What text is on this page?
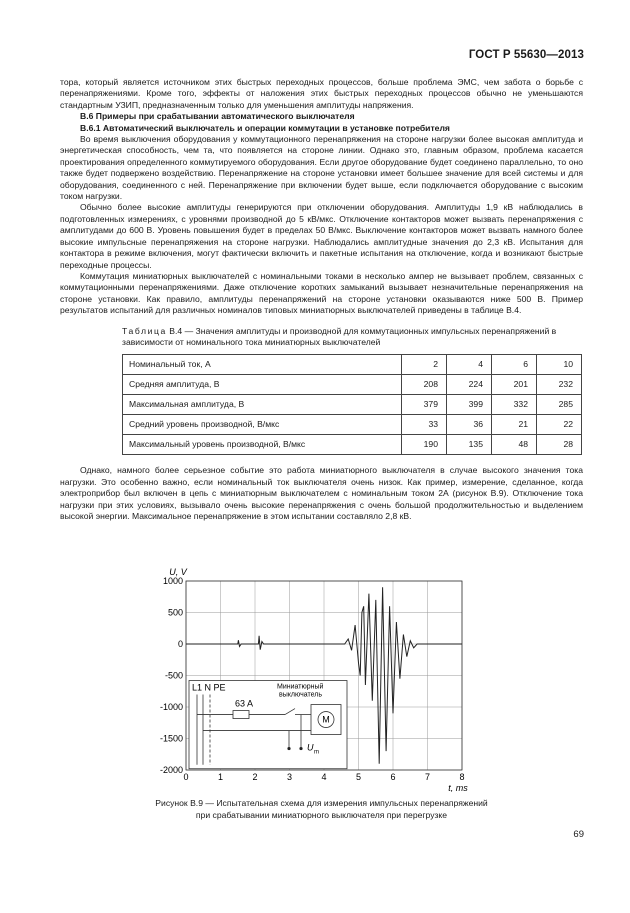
ГОСТ Р 55630—2013

тора, который является источником этих быстрых переходных процессов, больше проблема ЭМС, чем забота о борьбе с перенапряжениями. Кроме того, эффекты от наложения этих быстрых переходных процессов обычно не уменьшаются стандартным УЗИП, предназначенным только для уменьшения амплитуды напряжения.

В.6 Примеры при срабатывании автоматического выключателя

В.6.1 Автоматический выключатель и операции коммутации в установке потребителя

Во время выключения оборудования у коммутационного перенапряжения на стороне нагрузки более высокая амплитуда и энергетическая способность, чем та, что появляется на стороне линии. Однако это, главным образом, проблема касается проектирования определенного коммутируемого оборудования. Если другое оборудование будет соединено параллельно, то оно также будет подвержено воздействию. Перенапряжение на стороне установки имеет большее значение для всей системы и для оборудования, соединенного с ней. Перенапряжение при включении будет выше, если подключается оборудование с высоким током нагрузки.

Обычно более высокие амплитуды генерируются при отключении оборудования. Амплитуды 1,9 кВ наблюдались в подготовленных измерениях, с уровнями производной до 5 кВ/мкс. Отключение контакторов может вызвать перенапряжения с амплитудами до 600 В. Уровень повышения будет в пределах 50 В/мкс. Выключение контакторов может вызвать намного более высокие импульсные перенапряжения на стороне нагрузки. Наблюдались амплитудные значения до 2,3 кВ. Испытания для контактора в режиме включения, могут фактически включить и пакетные испытания на отключение, когда и возникают быстрые переходные процессы.

Коммутация миниатюрных выключателей с номинальными токами в несколько ампер не вызывает проблем, связанных с коммутационными перенапряжениями. Даже отключение коротких замыканий вызывает незначительные перенапряжения на стороне установки. Как правило, амплитуды перенапряжений на стороне установки оказываются ниже 500 В. Пример результатов испытаний для различных номиналов типовых миниатюрных выключателей приведены в таблице В.4.

Таблица В.4 — Значения амплитуды и производной для коммутационных импульсных перенапряжений в зависимости от номинального тока миниатюрных выключателей

Номинальный ток, А	2	4	6	10
Средняя амплитуда, В	208	224	201	232
Максимальная амплитуда, В	379	399	332	285
Средний уровень производной, В/мкс	33	36	21	22
Максимальный уровень производной, В/мкс	190	135	48	28

Однако, намного более серьезное событие это работа миниатюрного выключателя в случае высокого значения тока нагрузки. Это особенно важно, если номинальный ток выключателя очень низок. Как пример, измерение, сделанное, когда электроприбор был включен в цепь с миниатюрным выключателем с номинальным током 2А (рисунок В.9). Отключение тока нагрузки при этих условиях, вызывало очень высокие перенапряжения с очень большой продолжительностью и выделением высокой энергии. Максимальное перенапряжение в этом испытании составляло 2,8 кВ.

0	1	2	3	4	5	6	7	8
1000
500
0
-500
-1000
-1500
-2000
U, V
t, ms
L1 N PE	Миниатюрный
выключатель
63 A
M
U m
Рисунок В.9 — Испытательная схема для измерения импульсных перенапряжений
при срабатывании миниатюрного выключателя при перегрузке
69
